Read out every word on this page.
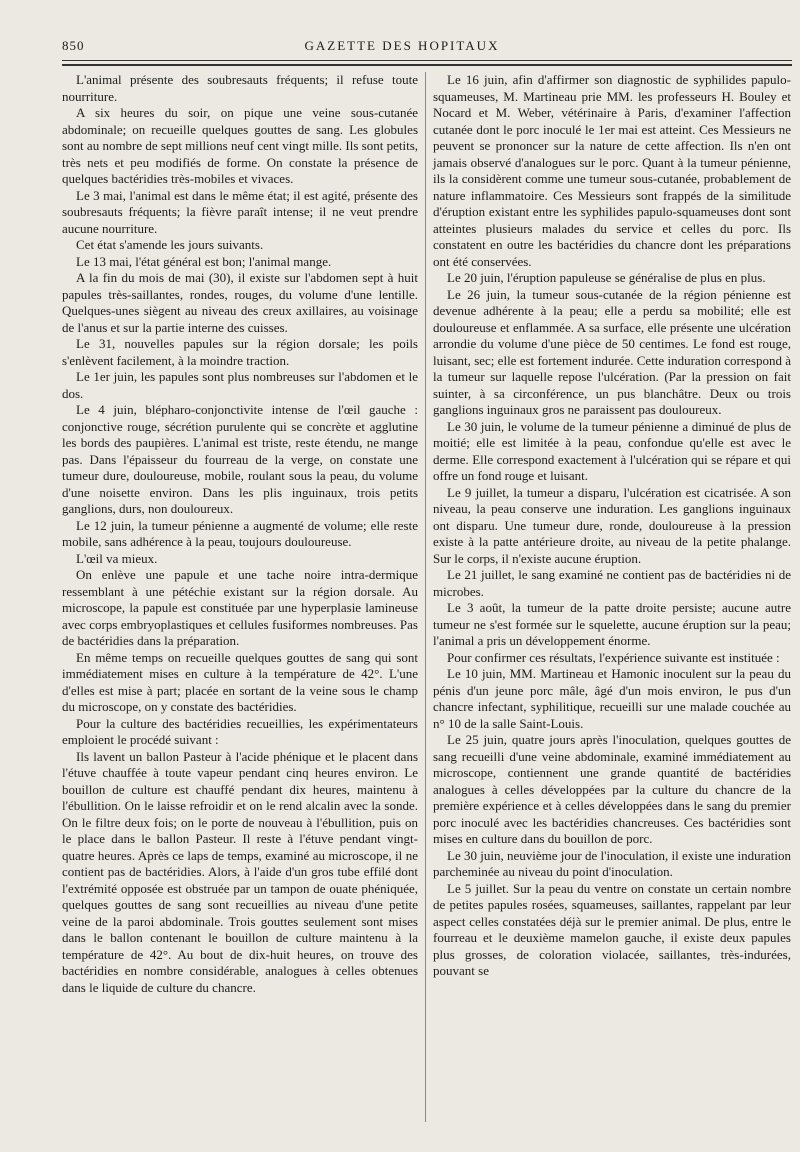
850	GAZETTE DES HOPITAUX

L'animal présente des soubresauts fréquents; il refuse toute nourriture.

A six heures du soir, on pique une veine sous-cutanée abdominale; on recueille quelques gouttes de sang. Les globules sont au nombre de sept millions neuf cent vingt mille. Ils sont petits, très nets et peu modifiés de forme. On constate la présence de quelques bactéridies très-mobiles et vivaces.

Le 3 mai, l'animal est dans le même état; il est agité, présente des soubresauts fréquents; la fièvre paraît intense; il ne veut prendre aucune nourriture.

Cet état s'amende les jours suivants.

Le 13 mai, l'état général est bon; l'animal mange.

A la fin du mois de mai (30), il existe sur l'abdomen sept à huit papules très-saillantes, rondes, rouges, du volume d'une lentille. Quelques-unes siègent au niveau des creux axillaires, au voisinage de l'anus et sur la partie interne des cuisses.

Le 31, nouvelles papules sur la région dorsale; les poils s'enlèvent facilement, à la moindre traction.

Le 1er juin, les papules sont plus nombreuses sur l'abdomen et le dos.

Le 4 juin, blépharo-conjonctivite intense de l'œil gauche : conjonctive rouge, sécrétion purulente qui se concrète et agglutine les bords des paupières. L'animal est triste, reste étendu, ne mange pas. Dans l'épaisseur du fourreau de la verge, on constate une tumeur dure, douloureuse, mobile, roulant sous la peau, du volume d'une noisette environ. Dans les plis inguinaux, trois petits ganglions, durs, non douloureux.

Le 12 juin, la tumeur pénienne a augmenté de volume; elle reste mobile, sans adhérence à la peau, toujours douloureuse.

L'œil va mieux.

On enlève une papule et une tache noire intra-dermique ressemblant à une pétéchie existant sur la région dorsale. Au microscope, la papule est constituée par une hyperplasie lamineuse avec corps embryoplastiques et cellules fusiformes nombreuses. Pas de bactéridies dans la préparation.

En même temps on recueille quelques gouttes de sang qui sont immédiatement mises en culture à la température de 42°. L'une d'elles est mise à part; placée en sortant de la veine sous le champ du microscope, on y constate des bactéridies.

Pour la culture des bactéridies recueillies, les expérimentateurs emploient le procédé suivant :

Ils lavent un ballon Pasteur à l'acide phénique et le placent dans l'étuve chauffée à toute vapeur pendant cinq heures environ. Le bouillon de culture est chauffé pendant dix heures, maintenu à l'ébullition. On le laisse refroidir et on le rend alcalin avec la sonde. On le filtre deux fois; on le porte de nouveau à l'ébullition, puis on le place dans le ballon Pasteur. Il reste à l'étuve pendant vingt-quatre heures. Après ce laps de temps, examiné au microscope, il ne contient pas de bactéridies. Alors, à l'aide d'un gros tube effilé dont l'extrémité opposée est obstruée par un tampon de ouate phéniquée, quelques gouttes de sang sont recueillies au niveau d'une petite veine de la paroi abdominale. Trois gouttes seulement sont mises dans le ballon contenant le bouillon de culture maintenu à la température de 42°. Au bout de dix-huit heures, on trouve des bactéridies en nombre considérable, analogues à celles obtenues dans le liquide de culture du chancre.

Le 16 juin, afin d'affirmer son diagnostic de syphilides papulo-squameuses, M. Martineau prie MM. les professeurs H. Bouley et Nocard et M. Weber, vétérinaire à Paris, d'examiner l'affection cutanée dont le porc inoculé le 1er mai est atteint. Ces Messieurs ne peuvent se prononcer sur la nature de cette affection. Ils n'en ont jamais observé d'analogues sur le porc. Quant à la tumeur pénienne, ils la considèrent comme une tumeur sous-cutanée, probablement de nature inflammatoire. Ces Messieurs sont frappés de la similitude d'éruption existant entre les syphilides papulo-squameuses dont sont atteintes plusieurs malades du service et celles du porc. Ils constatent en outre les bactéridies du chancre dont les préparations ont été conservées.

Le 20 juin, l'éruption papuleuse se généralise de plus en plus.

Le 26 juin, la tumeur sous-cutanée de la région pénienne est devenue adhérente à la peau; elle a perdu sa mobilité; elle est douloureuse et enflammée. A sa surface, elle présente une ulcération arrondie du volume d'une pièce de 50 centimes. Le fond est rouge, luisant, sec; elle est fortement indurée. Cette induration correspond à la tumeur sur laquelle repose l'ulcération. (Par la pression on fait suinter, à sa circonférence, un pus blanchâtre. Deux ou trois ganglions inguinaux gros ne paraissent pas douloureux.

Le 30 juin, le volume de la tumeur pénienne a diminué de plus de moitié; elle est limitée à la peau, confondue qu'elle est avec le derme. Elle correspond exactement à l'ulcération qui se répare et qui offre un fond rouge et luisant.

Le 9 juillet, la tumeur a disparu, l'ulcération est cicatrisée. A son niveau, la peau conserve une induration. Les ganglions inguinaux ont disparu. Une tumeur dure, ronde, douloureuse à la pression existe à la patte antérieure droite, au niveau de la petite phalange. Sur le corps, il n'existe aucune éruption.

Le 21 juillet, le sang examiné ne contient pas de bactéridies ni de microbes.

Le 3 août, la tumeur de la patte droite persiste; aucune autre tumeur ne s'est formée sur le squelette, aucune éruption sur la peau; l'animal a pris un développement énorme.

Pour confirmer ces résultats, l'expérience suivante est instituée :

Le 10 juin, MM. Martineau et Hamonic inoculent sur la peau du pénis d'un jeune porc mâle, âgé d'un mois environ, le pus d'un chancre infectant, syphilitique, recueilli sur une malade couchée au n° 10 de la salle Saint-Louis.

Le 25 juin, quatre jours après l'inoculation, quelques gouttes de sang recueilli d'une veine abdominale, examiné immédiatement au microscope, contiennent une grande quantité de bactéridies analogues à celles développées par la culture du chancre de la première expérience et à celles développées dans le sang du premier porc inoculé avec les bactéridies chancreuses. Ces bactéridies sont mises en culture dans du bouillon de porc.

Le 30 juin, neuvième jour de l'inoculation, il existe une induration parcheminée au niveau du point d'inoculation.

Le 5 juillet. Sur la peau du ventre on constate un certain nombre de petites papules rosées, squameuses, saillantes, rappelant par leur aspect celles constatées déjà sur le premier animal. De plus, entre le fourreau et le deuxième mamelon gauche, il existe deux papules plus grosses, de coloration violacée, saillantes, très-indurées, pouvant se
